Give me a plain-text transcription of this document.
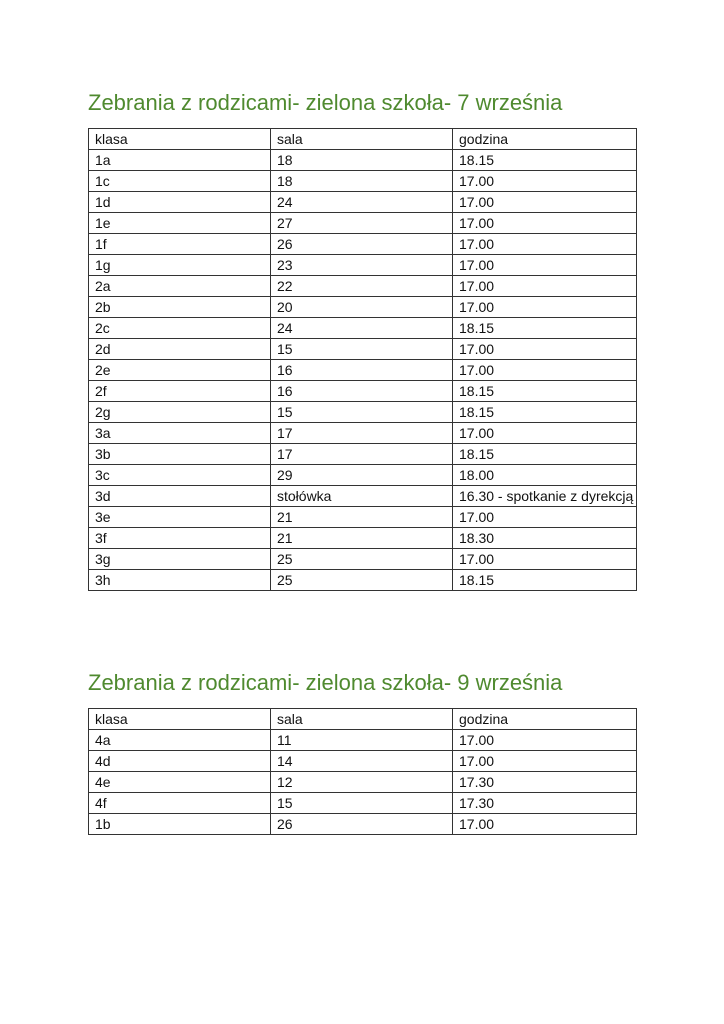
Zebrania z rodzicami- zielona szkoła- 7 września
klasa	sala	godzina
1a	18	18.15
1c	18	17.00
1d	24	17.00
1e	27	17.00
1f	26	17.00
1g	23	17.00
2a	22	17.00
2b	20	17.00
2c	24	18.15
2d	15	17.00
2e	16	17.00
2f	16	18.15
2g	15	18.15
3a	17	17.00
3b	17	18.15
3c	29	18.00
3d	stołówka	16.30 - spotkanie z dyrekcją
3e	21	17.00
3f	21	18.30
3g	25	17.00
3h	25	18.15
Zebrania z rodzicami- zielona szkoła- 9 września
klasa	sala	godzina
4a	11	17.00
4d	14	17.00
4e	12	17.30
4f	15	17.30
1b	26	17.00
